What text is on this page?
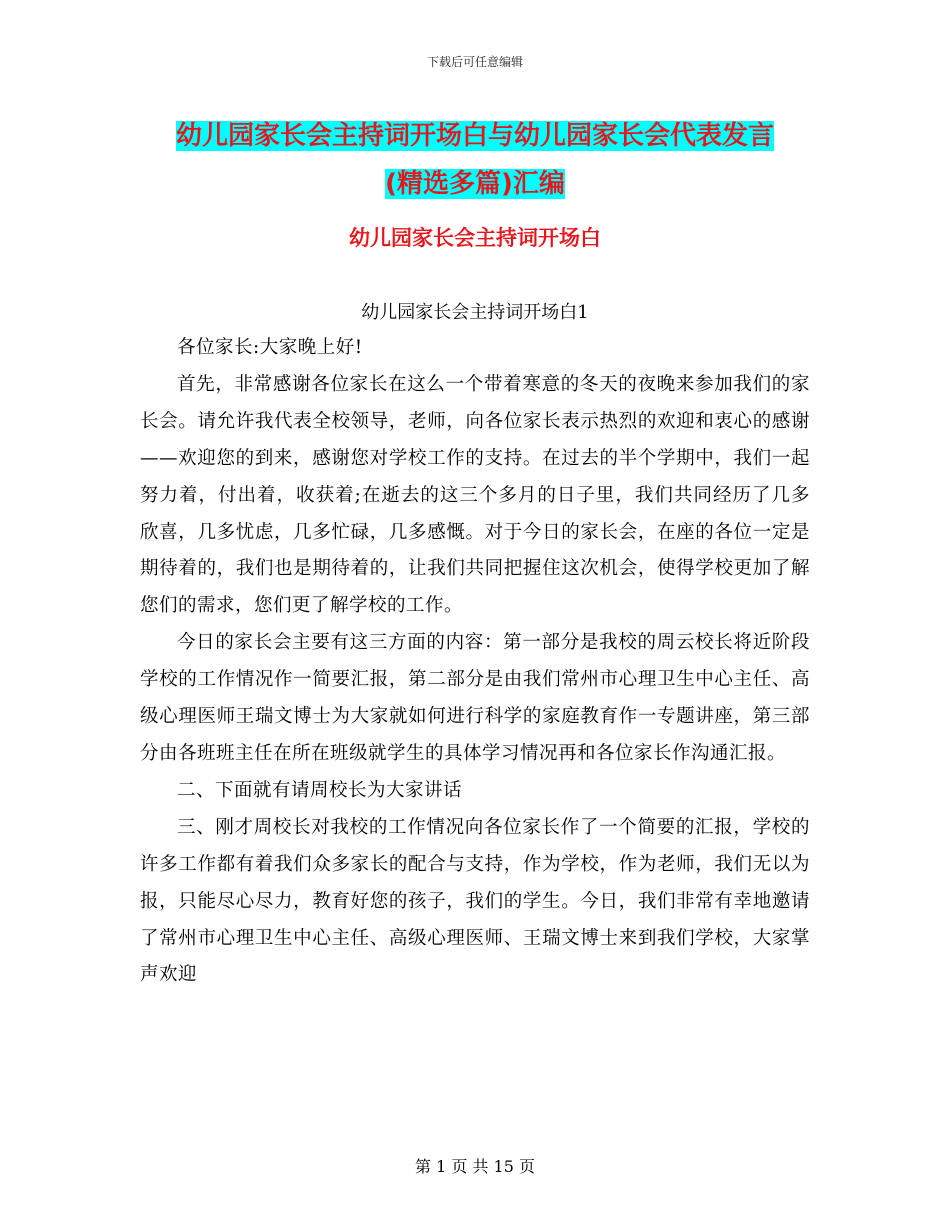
下载后可任意编辑
幼儿园家长会主持词开场白与幼儿园家长会代表发言
(精选多篇)汇编
幼儿园家长会主持词开场白
幼儿园家长会主持词开场白1

各位家长:大家晚上好!

首先，非常感谢各位家长在这么一个带着寒意的冬天的夜晚来参加我们的家长会。请允许我代表全校领导，老师，向各位家长表示热烈的欢迎和衷心的感谢——欢迎您的到来，感谢您对学校工作的支持。在过去的半个学期中，我们一起努力着，付出着，收获着;在逝去的这三个多月的日子里，我们共同经历了几多欣喜，几多忧虑，几多忙碌，几多感慨。对于今日的家长会，在座的各位一定是期待着的，我们也是期待着的，让我们共同把握住这次机会，使得学校更加了解您们的需求，您们更了解学校的工作。

今日的家长会主要有这三方面的内容：第一部分是我校的周云校长将近阶段学校的工作情况作一简要汇报，第二部分是由我们常州市心理卫生中心主任、高级心理医师王瑞文博士为大家就如何进行科学的家庭教育作一专题讲座，第三部分由各班班主任在所在班级就学生的具体学习情况再和各位家长作沟通汇报。

二、下面就有请周校长为大家讲话

三、刚才周校长对我校的工作情况向各位家长作了一个简要的汇报，学校的许多工作都有着我们众多家长的配合与支持，作为学校，作为老师，我们无以为报，只能尽心尽力，教育好您的孩子，我们的学生。今日，我们非常有幸地邀请了常州市心理卫生中心主任、高级心理医师、王瑞文博士来到我们学校，大家掌声欢迎

第 1 页 共 15 页
